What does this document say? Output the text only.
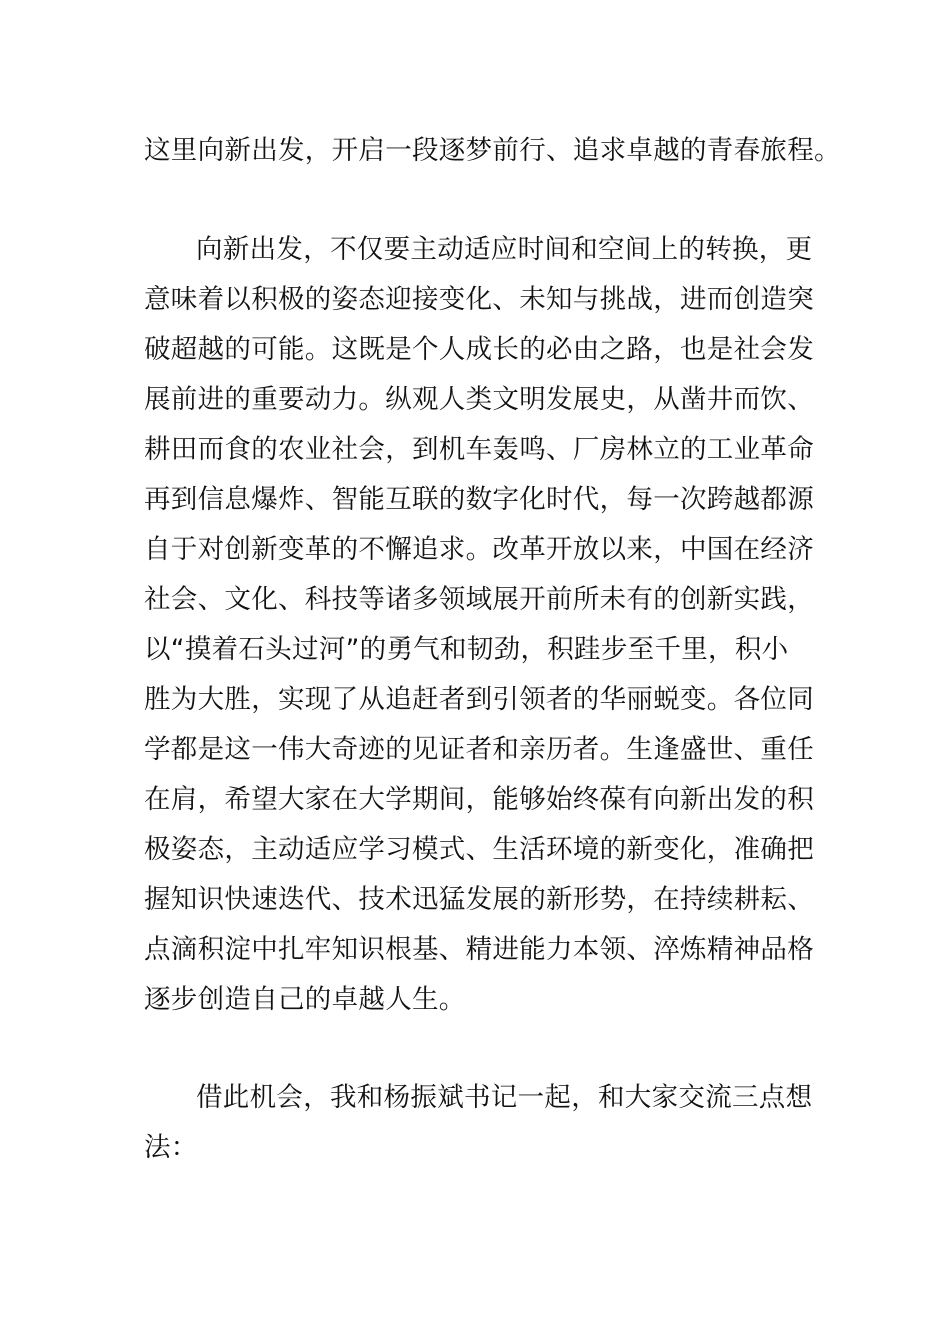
这里向新出发，开启一段逐梦前行、追求卓越的青春旅程。
向新出发，不仅要主动适应时间和空间上的转换，更
意味着以积极的姿态迎接变化、未知与挑战，进而创造突
破超越的可能。这既是个人成长的必由之路，也是社会发
展前进的重要动力。纵观人类文明发展史，从凿井而饮、
耕田而食的农业社会，到机车轰鸣、厂房林立的工业革命
再到信息爆炸、智能互联的数字化时代，每一次跨越都源
自于对创新变革的不懈追求。改革开放以来，中国在经济
社会、文化、科技等诸多领域展开前所未有的创新实践，
以“摸着石头过河”的勇气和韧劲，积跬步至千里，积小
胜为大胜，实现了从追赶者到引领者的华丽蜕变。各位同
学都是这一伟大奇迹的见证者和亲历者。生逢盛世、重任
在肩，希望大家在大学期间，能够始终葆有向新出发的积
极姿态，主动适应学习模式、生活环境的新变化，准确把
握知识快速迭代、技术迅猛发展的新形势，在持续耕耘、
点滴积淀中扎牢知识根基、精进能力本领、淬炼精神品格
逐步创造自己的卓越人生。
借此机会，我和杨振斌书记一起，和大家交流三点想
法：
